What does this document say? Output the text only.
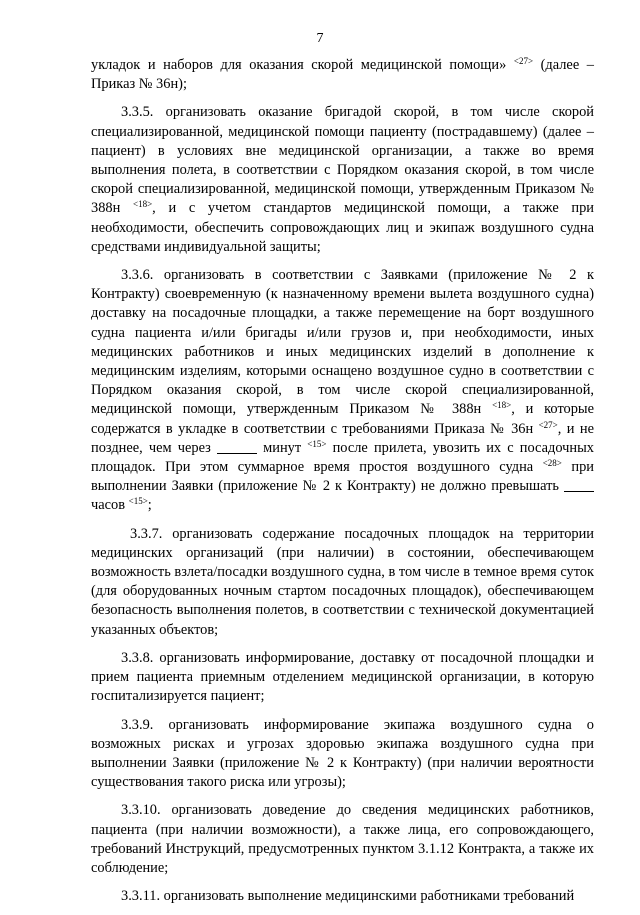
7

укладок и наборов для оказания скорой медицинской помощи» $^{<27>}$ (далее – Приказ № 36н);

3.3.5. организовать оказание бригадой скорой, в том числе скорой специализированной, медицинской помощи пациенту (пострадавшему) (далее – пациент) в условиях вне медицинской организации, а также во время выполнения полета, в соответствии с Порядком оказания скорой, в том числе скорой специализированной, медицинской помощи, утвержденным Приказом № 388н $^{<18>}$, и с учетом стандартов медицинской помощи, а также при необходимости, обеспечить сопровождающих лиц и экипаж воздушного судна средствами индивидуальной защиты;

3.3.6. организовать в соответствии с Заявками (приложение № 2 к Контракту) своевременную (к назначенному времени вылета воздушного судна) доставку на посадочные площадки, а также перемещение на борт воздушного судна пациента и/или бригады и/или грузов и, при необходимости, иных медицинских работников и иных медицинских изделий в дополнение к медицинским изделиям, которыми оснащено воздушное судно в соответствии с Порядком оказания скорой, в том числе скорой специализированной, медицинской помощи, утвержденным Приказом № 388н $^{<18>}$, и которые содержатся в укладке в соответствии с требованиями Приказа № 36н $^{<27>}$, и не позднее, чем через	минут $^{<15>}$ после прилета, увозить их с посадочных площадок. При этом суммарное время простоя воздушного судна $^{<28>}$ при выполнении Заявки (приложение № 2 к Контракту) не должно превышать  часов $^{<15>}$;

3.3.7. организовать содержание посадочных площадок на территории медицинских организаций (при наличии) в состоянии, обеспечивающем возможность взлета/посадки воздушного судна, в том числе в темное время суток (для оборудованных ночным стартом посадочных площадок), обеспечивающем безопасность выполнения полетов, в соответствии с технической документацией указанных объектов;

3.3.8. организовать информирование, доставку от посадочной площадки и прием пациента приемным отделением медицинской организации, в которую госпитализируется пациент;

3.3.9. организовать информирование экипажа воздушного судна о возможных рисках и угрозах здоровью экипажа воздушного судна при выполнении Заявки (приложение № 2 к Контракту) (при наличии вероятности существования такого риска или угрозы);

3.3.10. организовать доведение до сведения медицинских работников, пациента (при наличии возможности), а также лица, его сопровождающего, требований Инструкций, предусмотренных пунктом 3.1.12 Контракта, а также их соблюдение;

3.3.11. организовать выполнение медицинскими работниками требований
